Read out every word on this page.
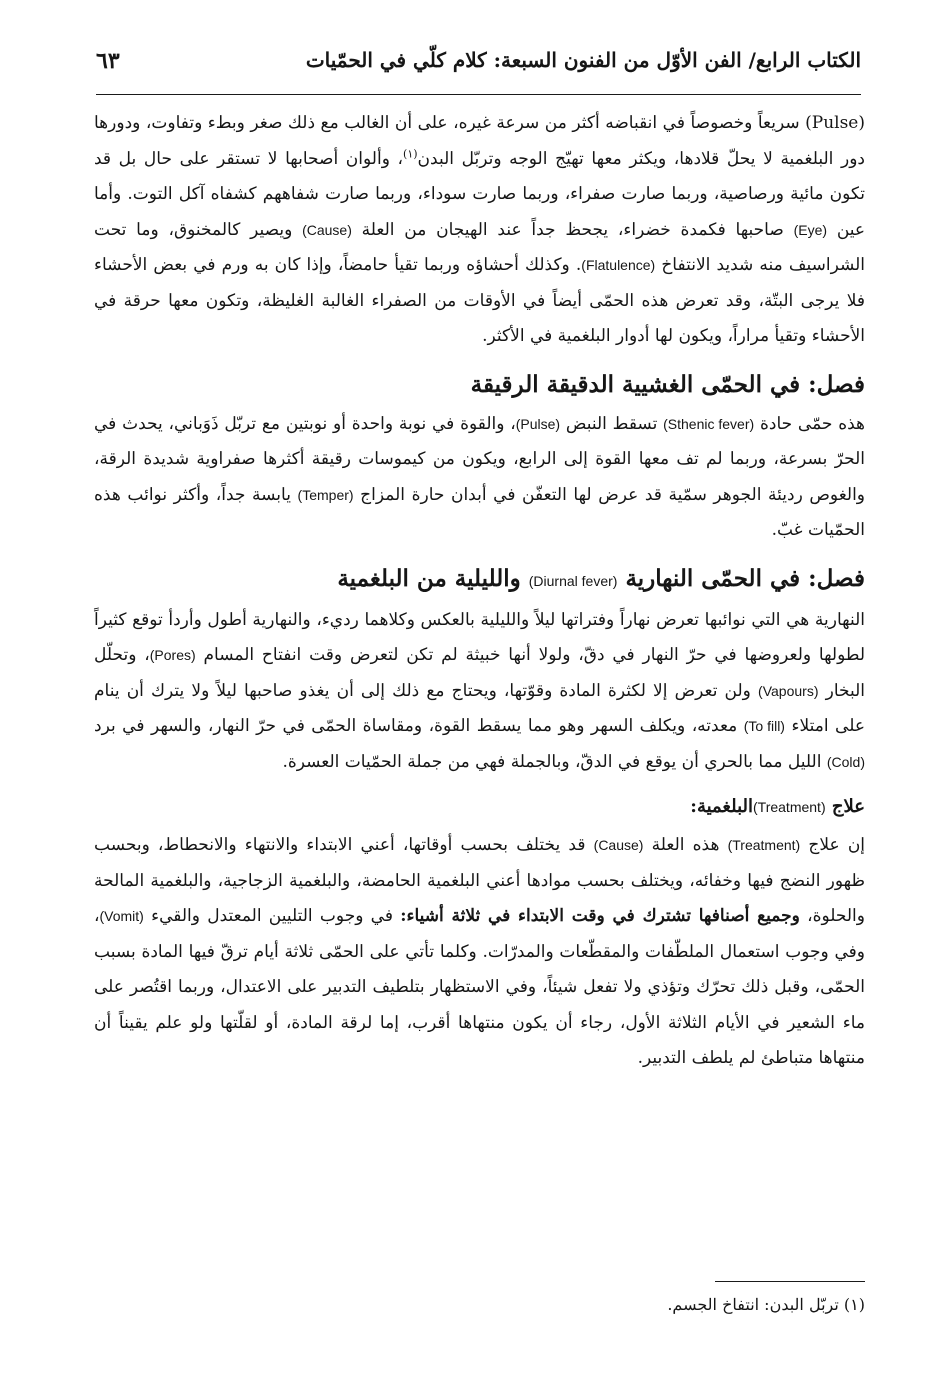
الكتاب الرابع/ الفن الأوّل من الفنون السبعة: كلام كلّي في الحمّيات
٦٣

(Pulse) سريعاً وخصوصاً في انقباضه أكثر من سرعة غيره، على أن الغالب مع ذلك صغر وبطء وتفاوت، ودورها دور البلغمية لا يحلّ قلادها، ويكثر معها تهيّج الوجه وتربّل البدن$^{(١)}$، وألوان أصحابها لا تستقر على حال بل قد تكون مائية ورصاصية، وربما صارت صفراء، وربما صارت سوداء، وربما صارت شفاههم كشفاه آكل التوت. وأما عين (Eye) صاحبها فكمدة خضراء، يجحظ جداً عند الهيجان من العلة (Cause) ويصير كالمخنوق، وما تحت الشراسيف منه شديد الانتفاخ (Flatulence). وكذلك أحشاؤه وربما تقيأ حامضاً، وإذا كان به ورم في بعض الأحشاء فلا يرجى البتّة، وقد تعرض هذه الحمّى أيضاً في الأوقات من الصفراء الغالبة الغليظة، وتكون معها حرقة في الأحشاء وتقيأ مراراً، ويكون لها أدوار البلغمية في الأكثر.

فصل: في الحمّى الغشيية الدقيقة الرقيقة

هذه حمّى حادة (Sthenic fever) تسقط النبض (Pulse)، والقوة في نوبة واحدة أو نوبتين مع تربّل ذَوَباني، يحدث في الحرّ بسرعة، وربما لم تف معها القوة إلى الرابع، ويكون من كيموسات رقيقة أكثرها صفراوية شديدة الرقة، والغوص رديئة الجوهر سمّية قد عرض لها التعفّن في أبدان حارة المزاج (Temper) يابسة جداً، وأكثر نوائب هذه الحمّيات غبّ.

فصل: في الحمّى النهارية (Diurnal fever) والليلية من البلغمية

النهارية هي التي نوائبها تعرض نهاراً وفتراتها ليلاً والليلية بالعكس وكلاهما رديء، والنهارية أطول وأردأ توقع كثيراً لطولها ولعروضها في حرّ النهار في دقّ، ولولا أنها خبيثة لم تكن لتعرض وقت انفتاح المسام (Pores)، وتحلّل البخار (Vapours) ولن تعرض إلا لكثرة المادة وقوّتها، ويحتاج مع ذلك إلى أن يغذو صاحبها ليلاً ولا يترك أن ينام على امتلاء (To fill) معدته، ويكلف السهر وهو مما يسقط القوة، ومقاساة الحمّى في حرّ النهار، والسهر في برد (Cold) الليل مما بالحري أن يوقع في الدقّ، وبالجملة فهي من جملة الحمّيات العسرة.

علاج (Treatment)البلغمية:

إن علاج (Treatment) هذه العلة (Cause) قد يختلف بحسب أوقاتها، أعني الابتداء والانتهاء والانحطاط، وبحسب ظهور النضج فيها وخفائه، ويختلف بحسب موادها أعني البلغمية الحامضة، والبلغمية الزجاجية، والبلغمية المالحة والحلوة، وجميع أصنافها تشترك في وقت الابتداء في ثلاثة أشياء: في وجوب التليين المعتدل والقيء (Vomit)، وفي وجوب استعمال الملطّفات والمقطّعات والمدرّات. وكلما تأتي على الحمّى ثلاثة أيام ترقّ فيها المادة بسبب الحمّى، وقبل ذلك تحرّك وتؤذي ولا تفعل شيئاً، وفي الاستظهار بتلطيف التدبير على الاعتدال، وربما اقتُصر على ماء الشعير في الأيام الثلاثة الأول، رجاء أن يكون منتهاها أقرب، إما لرقة المادة، أو لقلّتها ولو علم يقيناً أن منتهاها متباطئ لم يلطف التدبير.

(١) تربّل البدن: انتفاخ الجسم.
